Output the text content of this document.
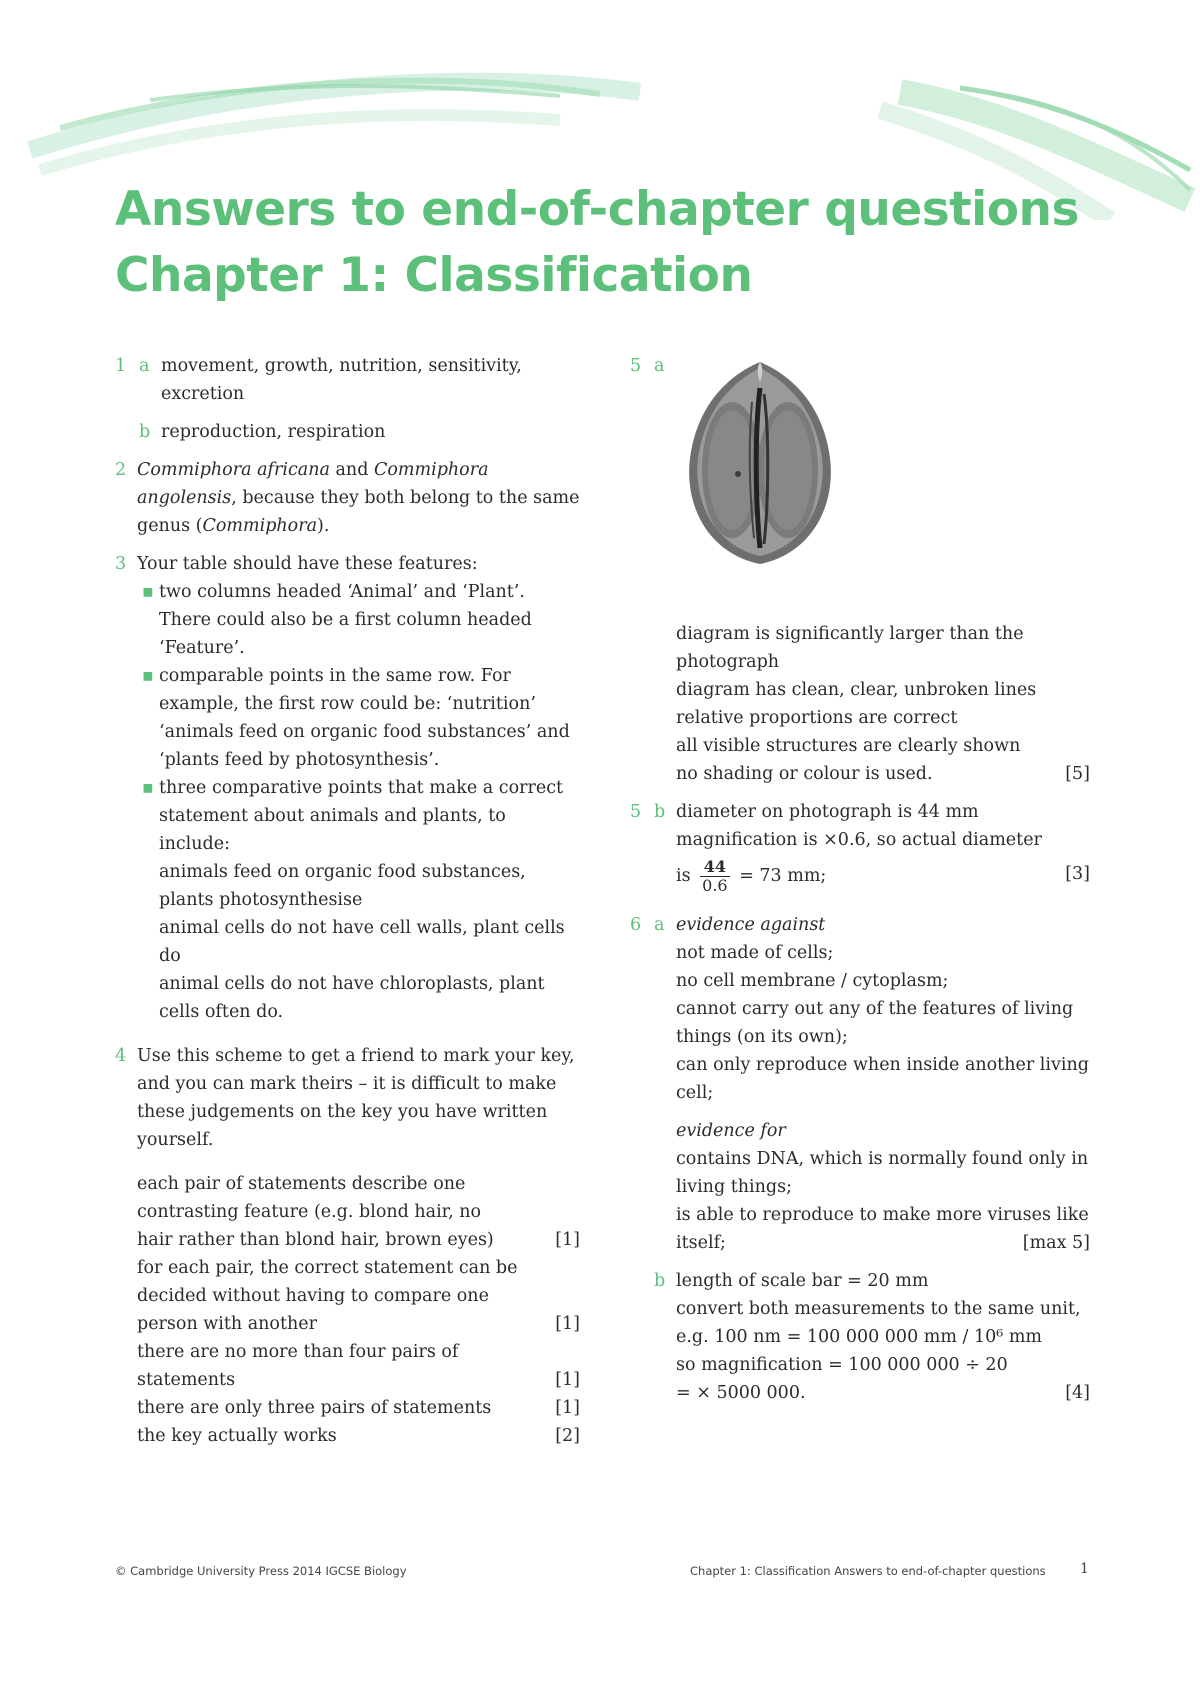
Answers to end-of-chapter questions
Chapter 1: Classification
1 a movement, growth, nutrition, sensitivity, excretion

b reproduction, respiration

2 Commiphora africana and Commiphora angolensis, because they both belong to the same genus (Commiphora).

3 Your table should have these features:

▪ two columns headed ‘Animal’ and ‘Plant’. There could also be a first column headed ‘Feature’.

▪ comparable points in the same row. For example, the first row could be: ‘nutrition’ ‘animals feed on organic food substances’ and ‘plants feed by photosynthesis’.

▪ three comparative points that make a correct statement about animals and plants, to include:

animals feed on organic food substances, plants photosynthesise

animal cells do not have cell walls, plant cells do

animal cells do not have chloroplasts, plant cells often do.

4 Use this scheme to get a friend to mark your key, and you can mark theirs – it is difficult to make these judgements on the key you have written yourself.

each pair of statements describe one contrasting feature (e.g. blond hair, no hair rather than blond hair, brown eyes)	[1]

for each pair, the correct statement can be decided without having to compare one person with another	[1]

there are no more than four pairs of statements	[1]

there are only three pairs of statements	[1]

the key actually works	[2]
5 a

diagram is significantly larger than the photograph

diagram has clean, clear, unbroken lines

relative proportions are correct

all visible structures are clearly shown

no shading or colour is used.	[5]
5 b diameter on photograph is 44 mm

magnification is ×0.6, so actual diameter

is $\frac{44}{0.6} = 73$ mm;	[3]
6 a evidence against

not made of cells;

no cell membrane / cytoplasm;

cannot carry out any of the features of living things (on its own);

can only reproduce when inside another living cell;

evidence for

contains DNA, which is normally found only in living things;

is able to reproduce to make more viruses like itself;	[max 5]
b length of scale bar = 20 mm

convert both measurements to the same unit,

e.g. 100 nm = 100 000 000 mm / 10⁶ mm

so magnification = 100 000 000 ÷ 20

= × 5000 000.	[4]
© Cambridge University Press 2014 IGCSE Biology	Chapter 1: Classification Answers to end-of-chapter questions 1
